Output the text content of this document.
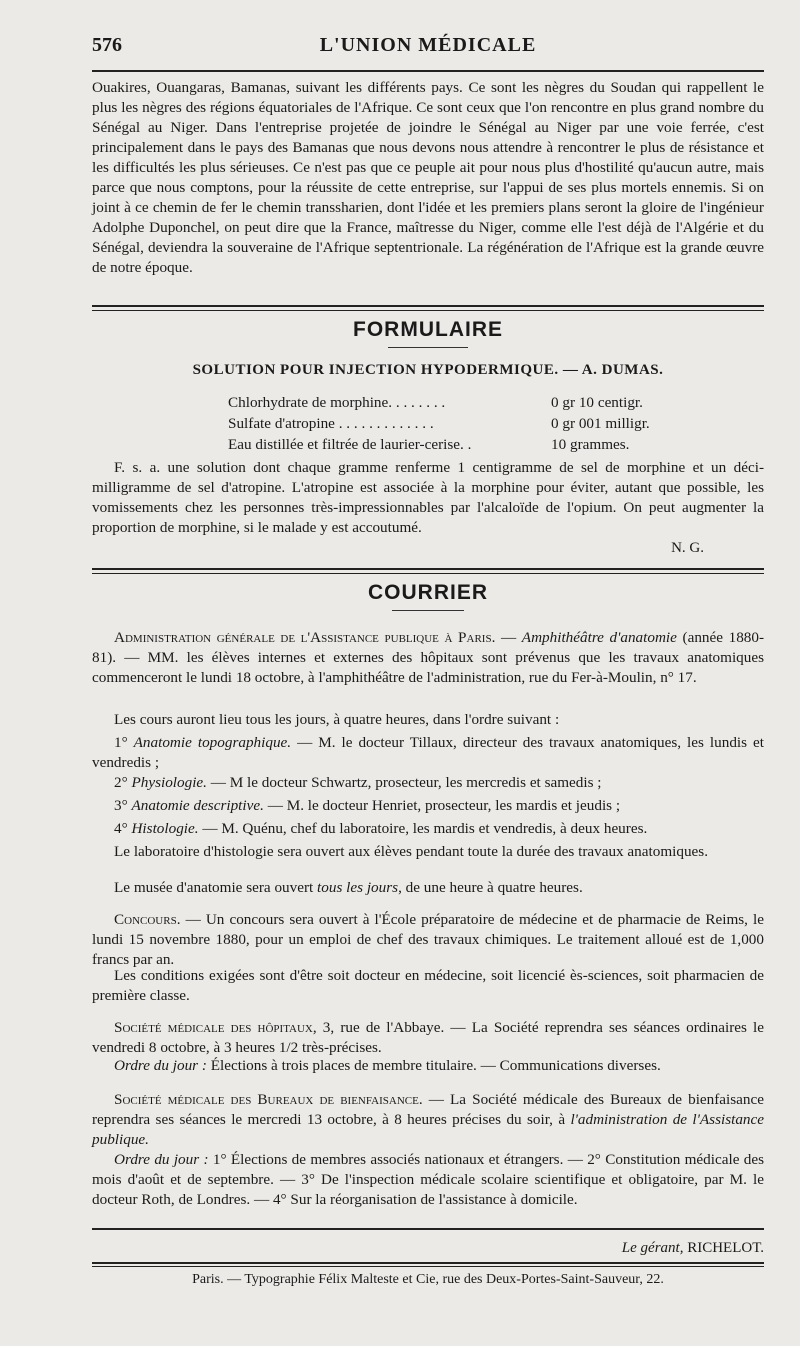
576	L'UNION MÉDICALE

Ouakires, Ouangaras, Bamanas, suivant les différents pays. Ce sont les nègres du Soudan qui rappellent le plus les nègres des régions équatoriales de l'Afrique. Ce sont ceux que l'on rencontre en plus grand nombre du Sénégal au Niger. Dans l'entreprise projetée de joindre le Sénégal au Niger par une voie ferrée, c'est principalement dans le pays des Bamanas que nous devons nous attendre à rencontrer le plus de résistance et les difficultés les plus sérieuses. Ce n'est pas que ce peuple ait pour nous plus d'hostilité qu'aucun autre, mais parce que nous comptons, pour la réussite de cette entreprise, sur l'appui de ses plus mortels ennemis. Si on joint à ce chemin de fer le chemin transsharien, dont l'idée et les premiers plans seront la gloire de l'ingénieur Adolphe Duponchel, on peut dire que la France, maîtresse du Niger, comme elle l'est déjà de l'Algérie et du Sénégal, deviendra la souveraine de l'Afrique septentrionale. La régénération de l'Afrique est la grande œuvre de notre époque.

FORMULAIRE
SOLUTION POUR INJECTION HYPODERMIQUE. — A. DUMAS.
Chlorhydrate de morphine. . . . . . . .	0 gr 10 centigr.
Sulfate d'atropine . . . . . . . . . . . . .	0 gr 001 milligr.
Eau distillée et filtrée de laurier-cerise. .	10 grammes.

F. s. a. une solution dont chaque gramme renferme 1 centigramme de sel de morphine et un déci-milligramme de sel d'atropine. L'atropine est associée à la morphine pour éviter, autant que possible, les vomissements chez les personnes très-impressionnables par l'alcaloïde de l'opium. On peut augmenter la proportion de morphine, si le malade y est accoutumé.

N. G.
COURRIER

Administration générale de l'Assistance publique à Paris. — Amphithéâtre d'anatomie (année 1880-81). — MM. les élèves internes et externes des hôpitaux sont prévenus que les travaux anatomiques commenceront le lundi 18 octobre, à l'amphithéâtre de l'administration, rue du Fer-à-Moulin, n° 17.

Les cours auront lieu tous les jours, à quatre heures, dans l'ordre suivant :

1° Anatomie topographique. — M. le docteur Tillaux, directeur des travaux anatomiques, les lundis et vendredis ;

2° Physiologie. — M le docteur Schwartz, prosecteur, les mercredis et samedis ;

3° Anatomie descriptive. — M. le docteur Henriet, prosecteur, les mardis et jeudis ;

4° Histologie. — M. Quénu, chef du laboratoire, les mardis et vendredis, à deux heures.

Le laboratoire d'histologie sera ouvert aux élèves pendant toute la durée des travaux anatomiques.

Le musée d'anatomie sera ouvert tous les jours, de une heure à quatre heures.

Concours. — Un concours sera ouvert à l'École préparatoire de médecine et de pharmacie de Reims, le lundi 15 novembre 1880, pour un emploi de chef des travaux chimiques. Le traitement alloué est de 1,000 francs par an.

Les conditions exigées sont d'être soit docteur en médecine, soit licencié ès-sciences, soit pharmacien de première classe.

Société médicale des hôpitaux, 3, rue de l'Abbaye. — La Société reprendra ses séances ordinaires le vendredi 8 octobre, à 3 heures 1/2 très-précises.

Ordre du jour : Élections à trois places de membre titulaire. — Communications diverses.

Société médicale des Bureaux de bienfaisance. — La Société médicale des Bureaux de bienfaisance reprendra ses séances le mercredi 13 octobre, à 8 heures précises du soir, à l'administration de l'Assistance publique.

Ordre du jour : 1° Élections de membres associés nationaux et étrangers. — 2° Constitution médicale des mois d'août et de septembre. — 3° De l'inspection médicale scolaire scientifique et obligatoire, par M. le docteur Roth, de Londres. — 4° Sur la réorganisation de l'assistance à domicile.

Le gérant, RICHELOT.
Paris. — Typographie Félix Malteste et Cie, rue des Deux-Portes-Saint-Sauveur, 22.
